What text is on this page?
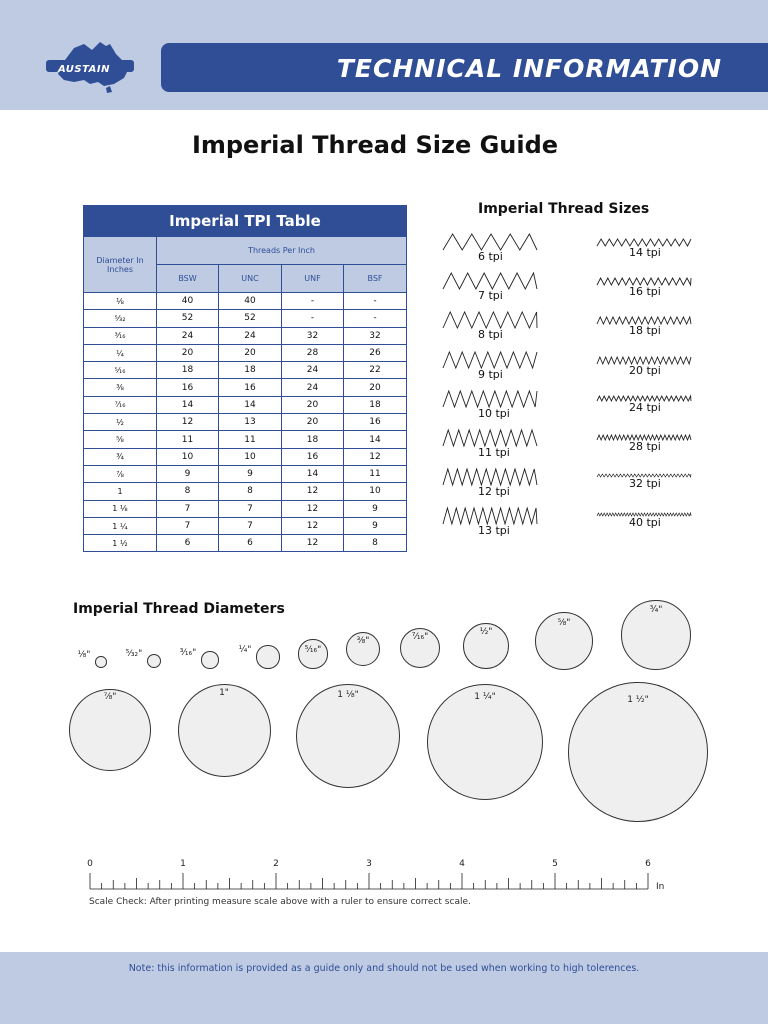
AUSTAIN	TECHNICAL INFORMATION
Imperial Thread Size Guide
Imperial TPI Table				
Diameter In Inches	Threads Per Inch			
	BSW	UNC	UNF	BSF
⅛	40	40	-	-
⁵⁄₃₂	52	52	-	-
³⁄₁₆	24	24	32	32
¼	20	20	28	26
⁵⁄₁₆	18	18	24	22
⅜	16	16	24	20
⁷⁄₁₆	14	14	20	18
½	12	13	20	16
⅝	11	11	18	14
¾	10	10	16	12
⅞	9	9	14	11
1	8	8	12	10
1 ⅛	7	7	12	9
1 ¼	7	7	12	9
1 ½	6	6	12	8
Imperial Thread Sizes
6 tpi
7 tpi
8 tpi
9 tpi
10 tpi
11 tpi
12 tpi
13 tpi
14 tpi
16 tpi
18 tpi
20 tpi
24 tpi
28 tpi
32 tpi
40 tpi
Imperial Thread Diameters
⅛"	⁵⁄₃₂"	³⁄₁₆"	¼"	⁵⁄₁₆"
⅜"	⁷⁄₁₆"	½"
⅝"
¾"
⅞"	1"	1 ⅛"	1 ¼"	1 ½"
0	1	2	3	4	5	6
In
Scale Check: After printing measure scale above with a ruler to ensure correct scale.
Note: this information is provided as a guide only and should not be used when working to high tolerences.
